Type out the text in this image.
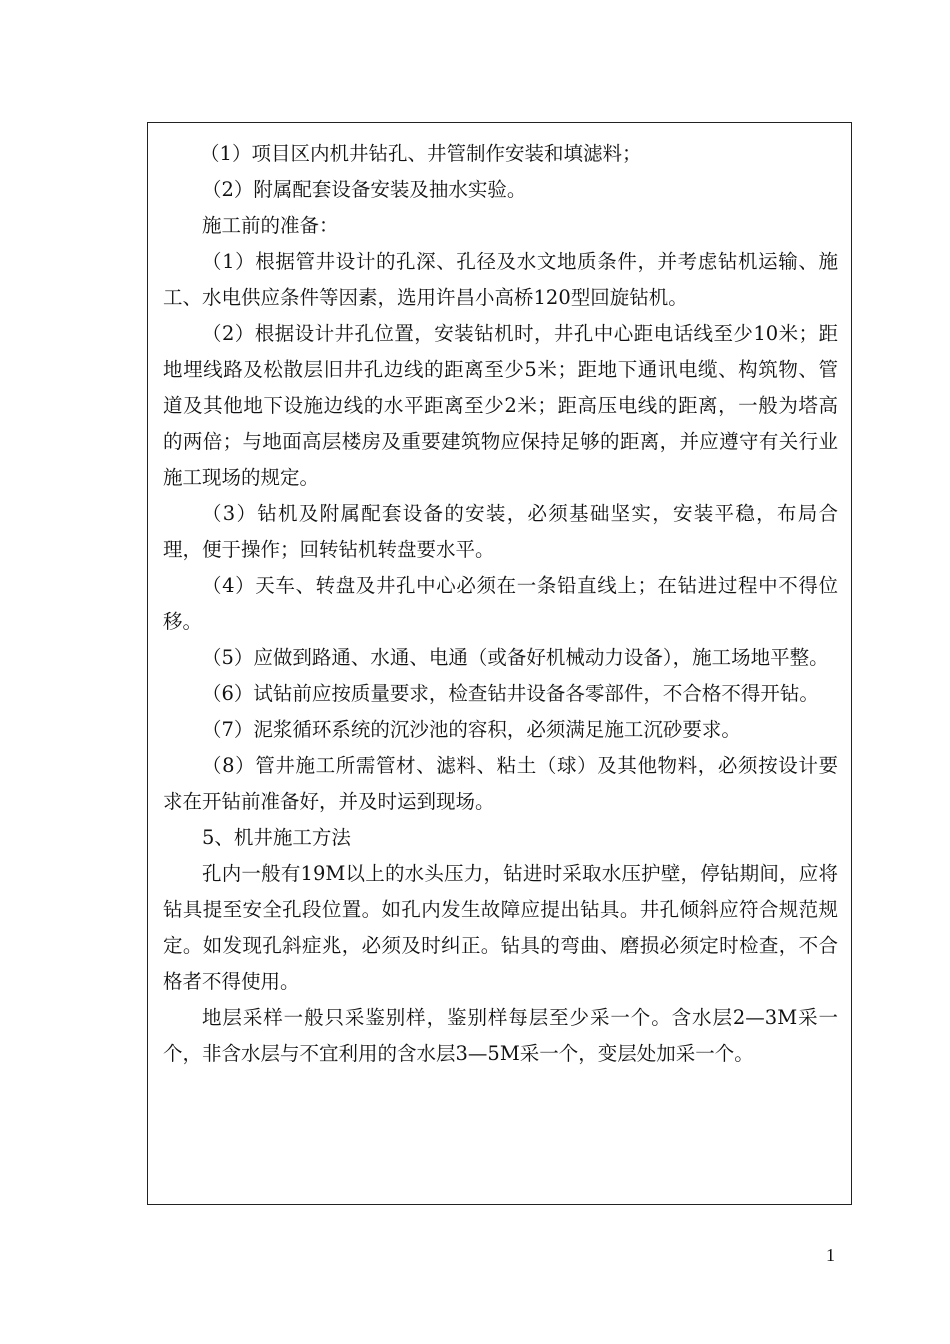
（1）项目区内机井钻孔、井管制作安装和填滤料；

（2）附属配套设备安装及抽水实验。

施工前的准备：

（1）根据管井设计的孔深、孔径及水文地质条件，并考虑钻机运输、施工、水电供应条件等因素，选用许昌小高桥120型回旋钻机。

（2）根据设计井孔位置，安装钻机时，井孔中心距电话线至少10米；距地埋线路及松散层旧井孔边线的距离至少5米；距地下通讯电缆、构筑物、管道及其他地下设施边线的水平距离至少2米；距高压电线的距离，一般为塔高的两倍；与地面高层楼房及重要建筑物应保持足够的距离，并应遵守有关行业施工现场的规定。

（3）钻机及附属配套设备的安装，必须基础坚实，安装平稳，布局合理，便于操作；回转钻机转盘要水平。

（4）天车、转盘及井孔中心必须在一条铅直线上；在钻进过程中不得位移。

（5）应做到路通、水通、电通（或备好机械动力设备），施工场地平整。

（6）试钻前应按质量要求，检查钻井设备各零部件，不合格不得开钻。

（7）泥浆循环系统的沉沙池的容积，必须满足施工沉砂要求。

（8）管井施工所需管材、滤料、粘土（球）及其他物料，必须按设计要求在开钻前准备好，并及时运到现场。

5、机井施工方法

孔内一般有19M以上的水头压力，钻进时采取水压护壁，停钻期间，应将钻具提至安全孔段位置。如孔内发生故障应提出钻具。井孔倾斜应符合规范规定。如发现孔斜症兆，必须及时纠正。钻具的弯曲、磨损必须定时检查，不合格者不得使用。

地层采样一般只采鉴别样，鉴别样每层至少采一个。含水层2—3M采一个，非含水层与不宜利用的含水层3—5M采一个，变层处加采一个。

1
